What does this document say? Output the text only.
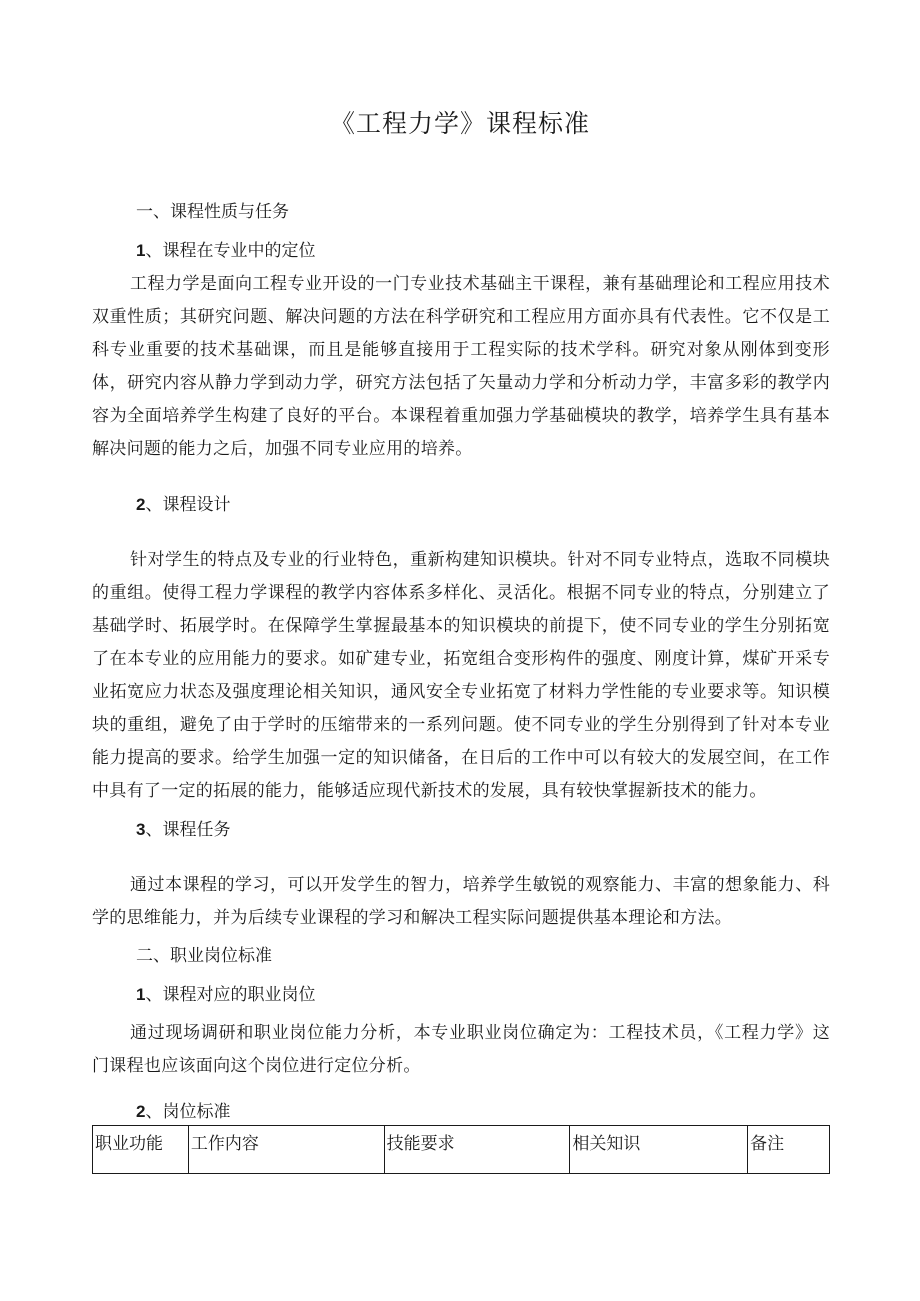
《工程力学》课程标准

一、课程性质与任务

1、课程在专业中的定位

工程力学是面向工程专业开设的一门专业技术基础主干课程，兼有基础理论和工程应用技术双重性质；其研究问题、解决问题的方法在科学研究和工程应用方面亦具有代表性。它不仅是工科专业重要的技术基础课，而且是能够直接用于工程实际的技术学科。研究对象从刚体到变形体，研究内容从静力学到动力学，研究方法包括了矢量动力学和分析动力学，丰富多彩的教学内容为全面培养学生构建了良好的平台。本课程着重加强力学基础模块的教学，培养学生具有基本解决问题的能力之后，加强不同专业应用的培养。

2、课程设计

针对学生的特点及专业的行业特色，重新构建知识模块。针对不同专业特点，选取不同模块的重组。使得工程力学课程的教学内容体系多样化、灵活化。根据不同专业的特点，分别建立了基础学时、拓展学时。在保障学生掌握最基本的知识模块的前提下，使不同专业的学生分别拓宽了在本专业的应用能力的要求。如矿建专业，拓宽组合变形构件的强度、刚度计算，煤矿开采专业拓宽应力状态及强度理论相关知识，通风安全专业拓宽了材料力学性能的专业要求等。知识模块的重组，避免了由于学时的压缩带来的一系列问题。使不同专业的学生分别得到了针对本专业能力提高的要求。给学生加强一定的知识储备，在日后的工作中可以有较大的发展空间，在工作中具有了一定的拓展的能力，能够适应现代新技术的发展，具有较快掌握新技术的能力。

3、课程任务

通过本课程的学习，可以开发学生的智力，培养学生敏锐的观察能力、丰富的想象能力、科学的思维能力，并为后续专业课程的学习和解决工程实际问题提供基本理论和方法。

二、职业岗位标准

1、课程对应的职业岗位

通过现场调研和职业岗位能力分析，本专业职业岗位确定为：工程技术员，《工程力学》这门课程也应该面向这个岗位进行定位分析。

2、岗位标准

职业功能	工作内容	技能要求	相关知识	备注
